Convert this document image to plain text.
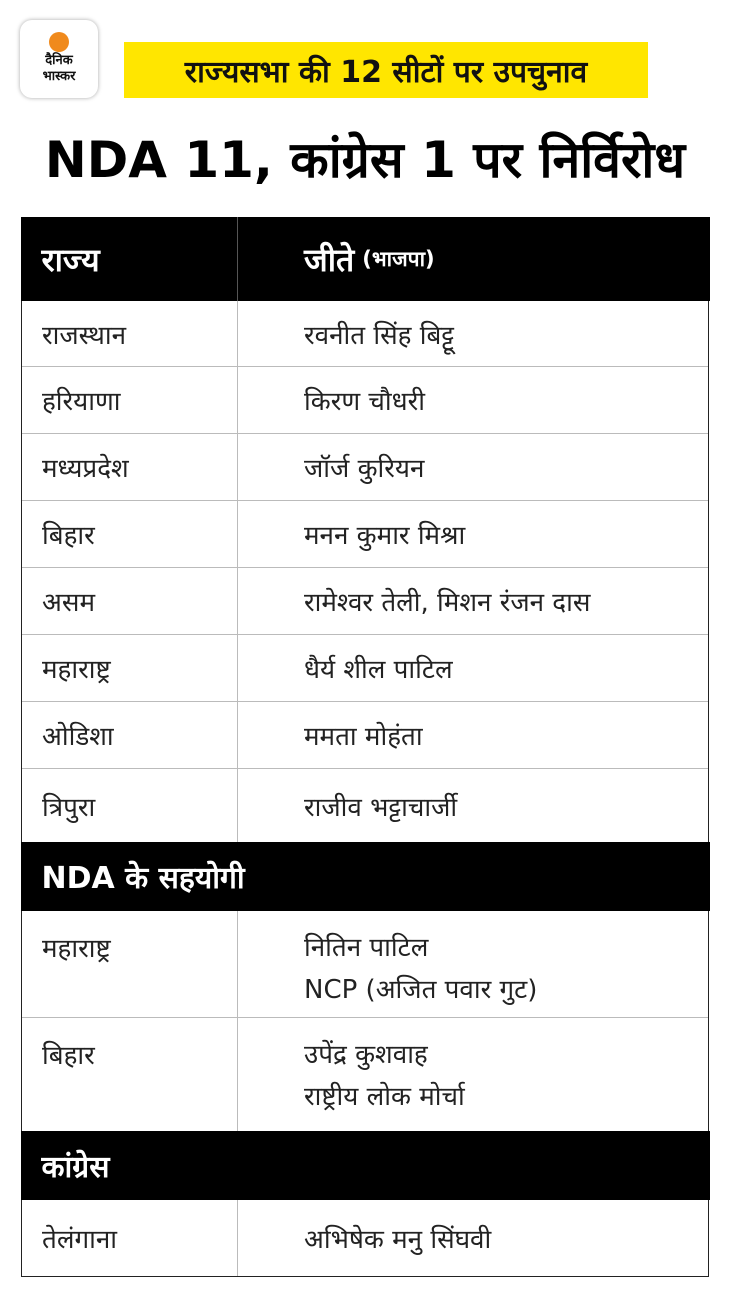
दैनिक
भास्कर	राज्यसभा की 12 सीटों पर उपचुनाव
NDA 11, कांग्रेस 1 पर निर्विरोध
राज्य	जीते (भाजपा)
राजस्थान	रवनीत सिंह बिट्टू
हरियाणा	किरण चौधरी
मध्यप्रदेश	जॉर्ज कुरियन
बिहार	मनन कुमार मिश्रा
असम	रामेश्वर तेली, मिशन रंजन दास
महाराष्ट्र	धैर्य शील पाटिल
ओडिशा	ममता मोहंता
त्रिपुरा	राजीव भट्टाचार्जी
NDA के सहयोगी
महाराष्ट्र	नितिन पाटिल
NCP (अजित पवार गुट)
बिहार	उपेंद्र कुशवाह
राष्ट्रीय लोक मोर्चा
कांग्रेस
तेलंगाना	अभिषेक मनु सिंघवी
